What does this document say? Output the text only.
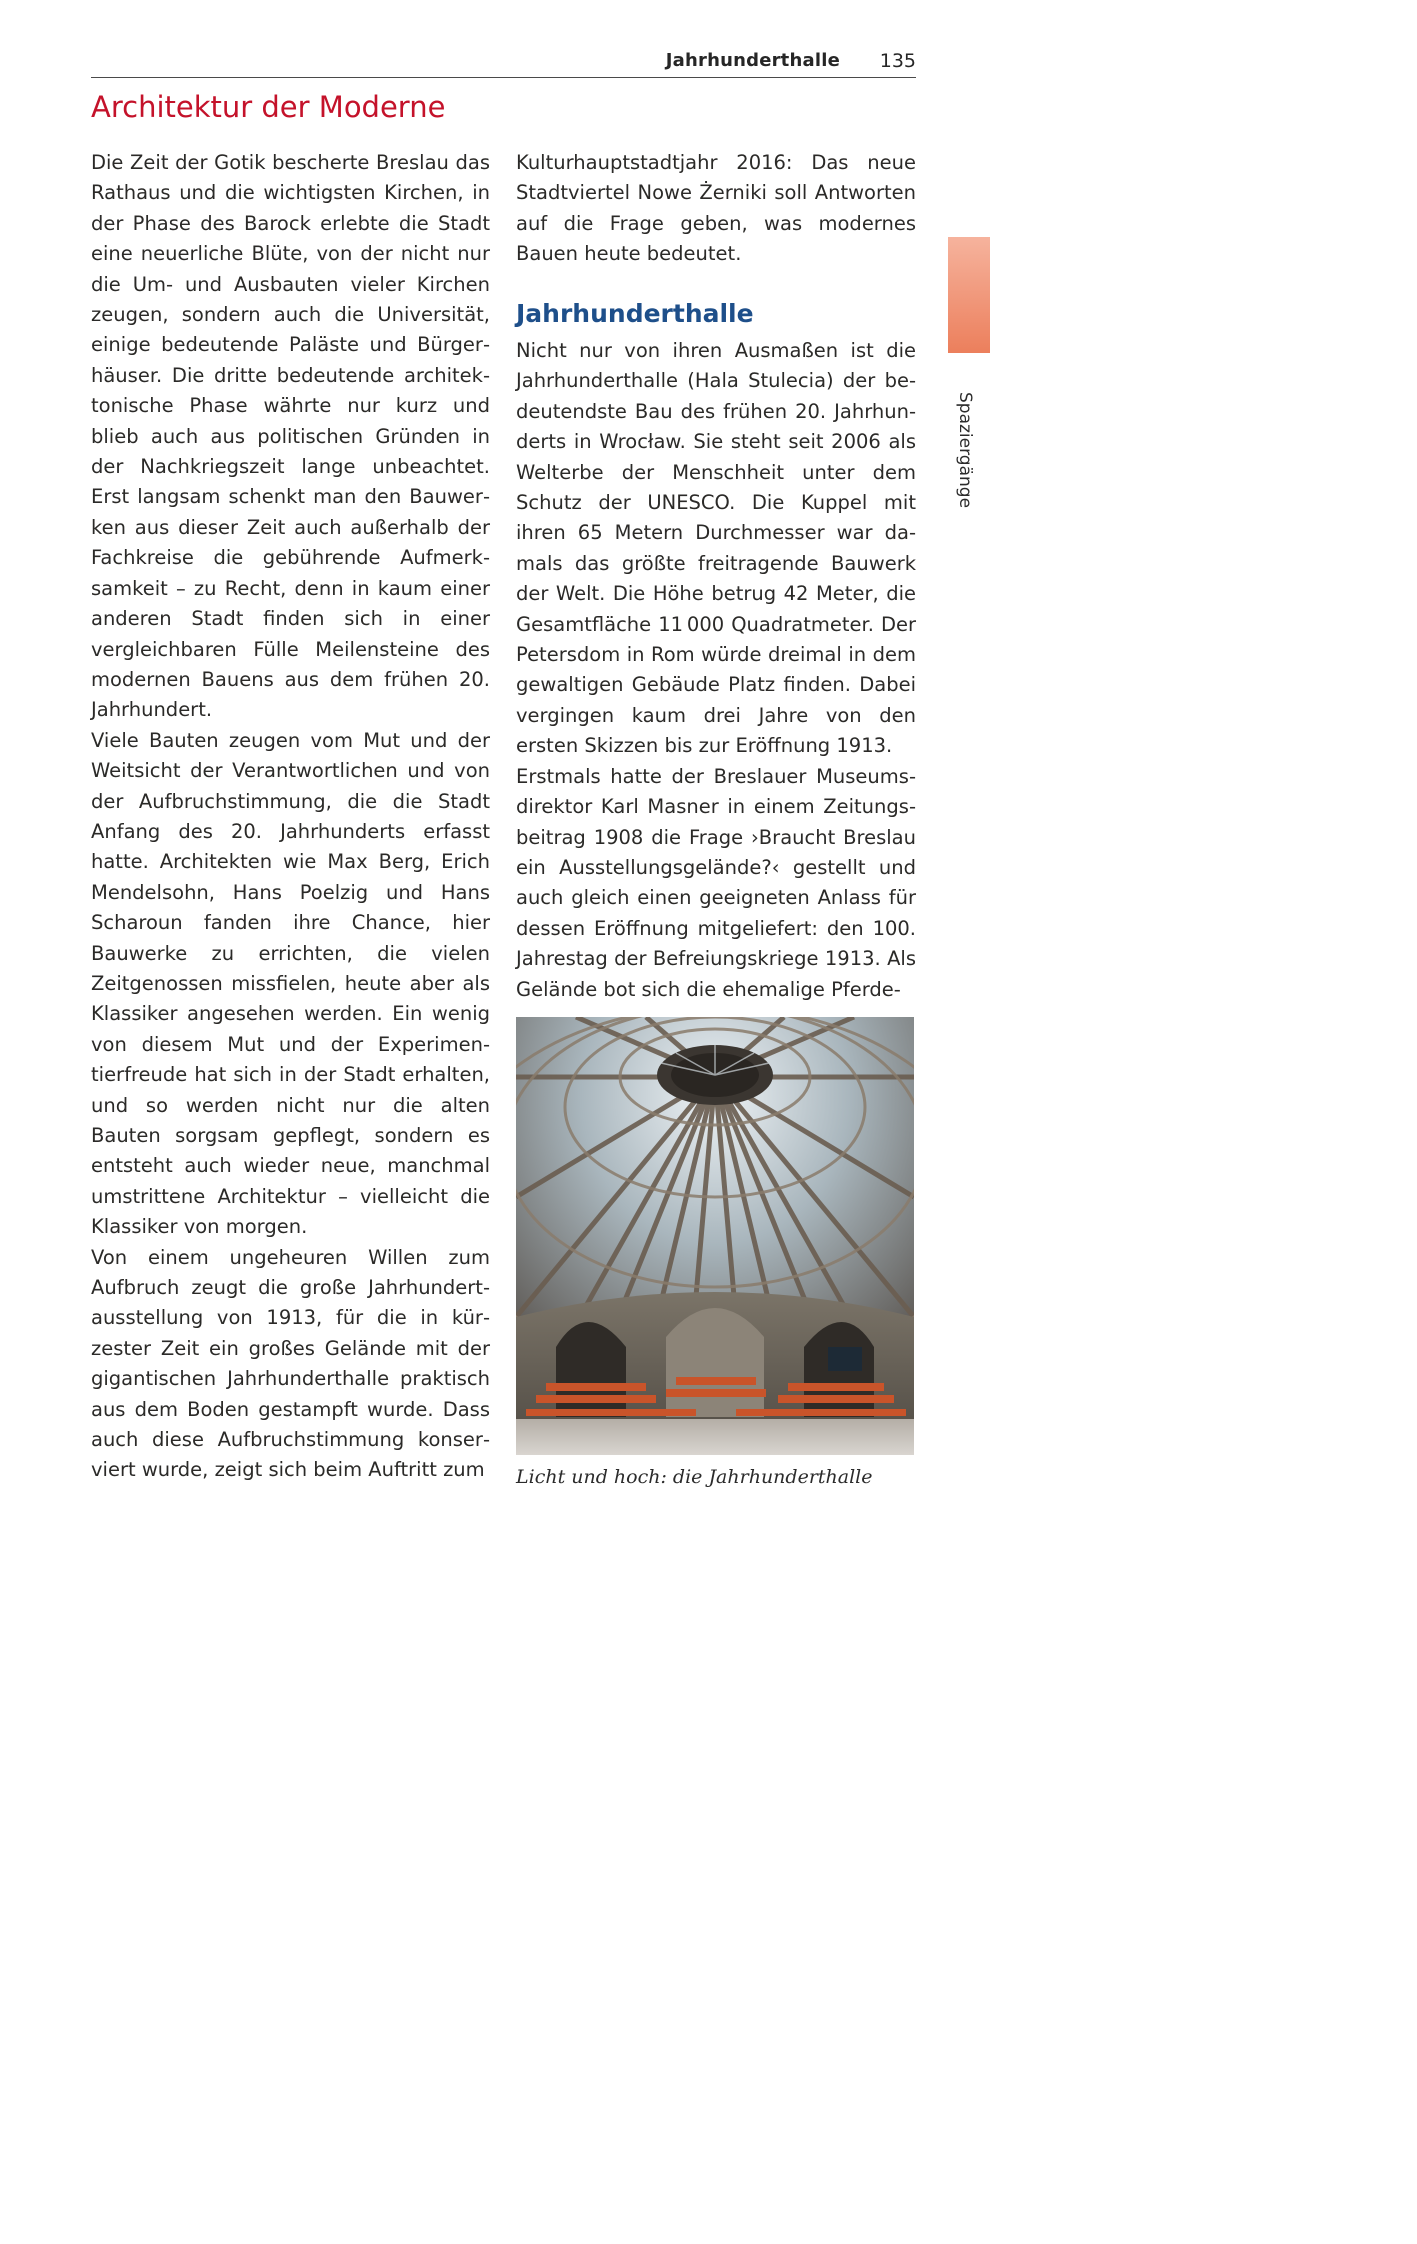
Jahrhunderthalle	135
Spaziergänge
Architektur der Moderne

Die Zeit der Gotik bescherte Breslau das Rathaus und die wichtigsten Kirchen, in der Phase des Barock erlebte die Stadt eine neuerliche Blüte, von der nicht nur die Um- und Ausbauten vieler Kirchen zeugen, sondern auch die Universität, einige bedeutende Paläste und Bürgerhäuser. Die dritte bedeutende architektonische Phase währte nur kurz und blieb auch aus politischen Gründen in der Nachkriegszeit lange unbeachtet. Erst langsam schenkt man den Bauwerken aus dieser Zeit auch außerhalb der Fachkreise die gebührende Aufmerksamkeit – zu Recht, denn in kaum einer anderen Stadt finden sich in einer vergleichbaren Fülle Meilensteine des modernen Bauens aus dem frühen 20. Jahrhundert.

Viele Bauten zeugen vom Mut und der Weitsicht der Verantwortlichen und von der Aufbruchstimmung, die die Stadt Anfang des 20. Jahrhunderts erfasst hatte. Architekten wie Max Berg, Erich Mendelsohn, Hans Poelzig und Hans Scharoun fanden ihre Chance, hier Bauwerke zu errichten, die vielen Zeitgenossen missfielen, heute aber als Klassiker angesehen werden. Ein wenig von diesem Mut und der Experimentierfreude hat sich in der Stadt erhalten, und so werden nicht nur die alten Bauten sorgsam gepflegt, sondern es entsteht auch wieder neue, manchmal umstrittene Architektur – vielleicht die Klassiker von morgen.

Von einem ungeheuren Willen zum Aufbruch zeugt die große Jahrhundertausstellung von 1913, für die in kürzester Zeit ein großes Gelände mit der gigantischen Jahrhunderthalle praktisch aus dem Boden gestampft wurde. Dass auch diese Aufbruchstimmung konserviert wurde, zeigt sich beim Auftritt zum

Kulturhauptstadtjahr 2016: Das neue Stadtviertel Nowe Żerniki soll Antworten auf die Frage geben, was modernes Bauen heute bedeutet.

Jahrhunderthalle

Nicht nur von ihren Ausmaßen ist die Jahrhunderthalle (Hala Stulecia) der bedeutendste Bau des frühen 20. Jahrhunderts in Wrocław. Sie steht seit 2006 als Welterbe der Menschheit unter dem Schutz der UNESCO. Die Kuppel mit ihren 65 Metern Durchmesser war damals das größte freitragende Bauwerk der Welt. Die Höhe betrug 42 Meter, die Gesamtfläche 11 000 Quadratmeter. Der Petersdom in Rom würde dreimal in dem gewaltigen Gebäude Platz finden. Dabei vergingen kaum drei Jahre von den ersten Skizzen bis zur Eröffnung 1913.

Erstmals hatte der Breslauer Museumsdirektor Karl Masner in einem Zeitungsbeitrag 1908 die Frage ›Braucht Breslau ein Ausstellungsgelände?‹ gestellt und auch gleich einen geeigneten Anlass für dessen Eröffnung mitgeliefert: den 100. Jahrestag der Befreiungskriege 1913. Als Gelände bot sich die ehemalige Pferde-

Licht und hoch: die Jahrhunderthalle
